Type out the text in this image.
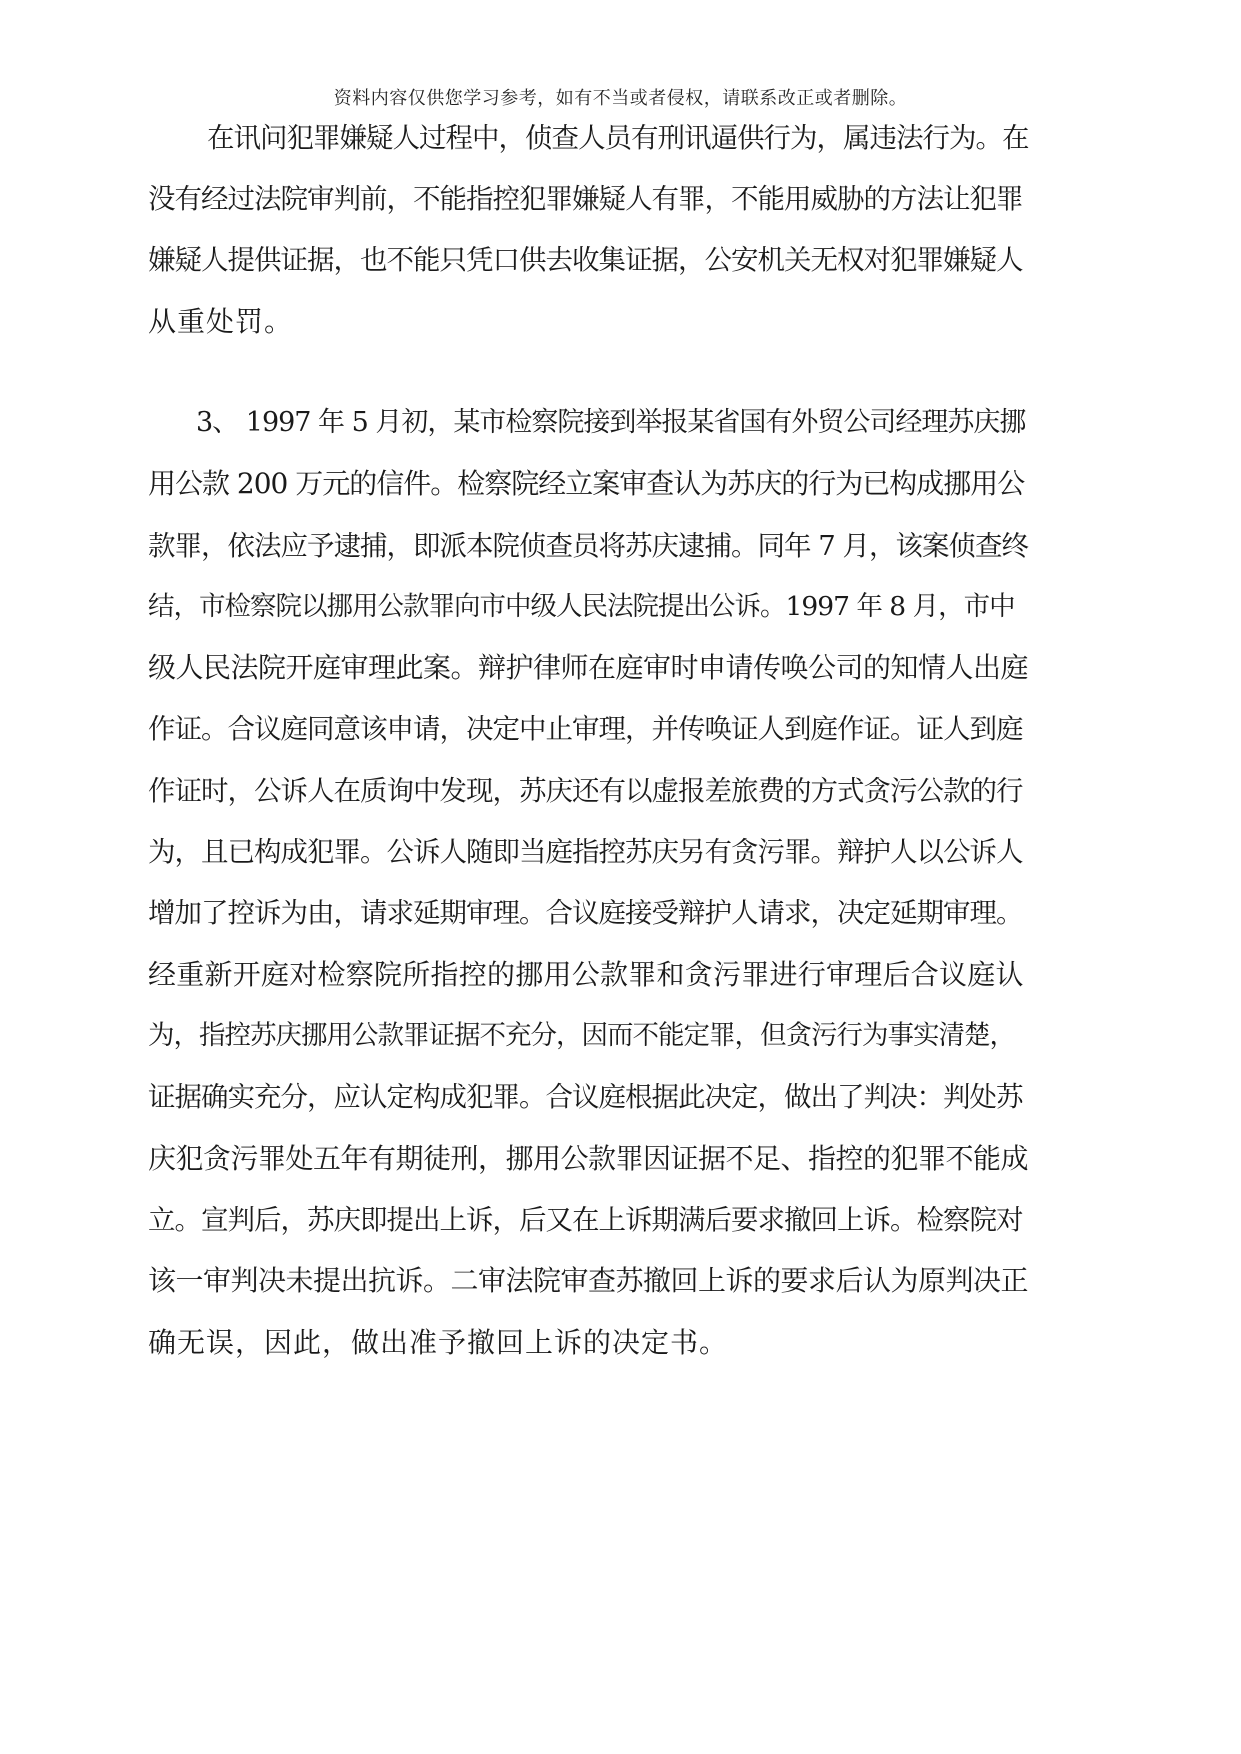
资料内容仅供您学习参考，如有不当或者侵权，请联系改正或者删除。
在讯问犯罪嫌疑人过程中，侦查人员有刑讯逼供行为，属违法行为。在
没有经过法院审判前，不能指控犯罪嫌疑人有罪，不能用威胁的方法让犯罪
嫌疑人提供证据，也不能只凭口供去收集证据，公安机关无权对犯罪嫌疑人
从重处罚。
3、 1997 年 5 月初，某市检察院接到举报某省国有外贸公司经理苏庆挪
用公款 200 万元的信件。检察院经立案审查认为苏庆的行为已构成挪用公
款罪，依法应予逮捕，即派本院侦查员将苏庆逮捕。同年 7 月，该案侦查终
结，市检察院以挪用公款罪向市中级人民法院提出公诉。1997 年 8 月，市中
级人民法院开庭审理此案。辩护律师在庭审时申请传唤公司的知情人出庭
作证。合议庭同意该申请，决定中止审理，并传唤证人到庭作证。证人到庭
作证时，公诉人在质询中发现，苏庆还有以虚报差旅费的方式贪污公款的行
为，且已构成犯罪。公诉人随即当庭指控苏庆另有贪污罪。辩护人以公诉人
增加了控诉为由，请求延期审理。合议庭接受辩护人请求，决定延期审理。
经重新开庭对检察院所指控的挪用公款罪和贪污罪进行审理后合议庭认
为，指控苏庆挪用公款罪证据不充分，因而不能定罪，但贪污行为事实清楚，
证据确实充分，应认定构成犯罪。合议庭根据此决定，做出了判决：判处苏
庆犯贪污罪处五年有期徒刑，挪用公款罪因证据不足、指控的犯罪不能成
立。宣判后，苏庆即提出上诉，后又在上诉期满后要求撤回上诉。检察院对
该一审判决未提出抗诉。二审法院审查苏撤回上诉的要求后认为原判决正
确无误，因此，做出准予撤回上诉的决定书。
